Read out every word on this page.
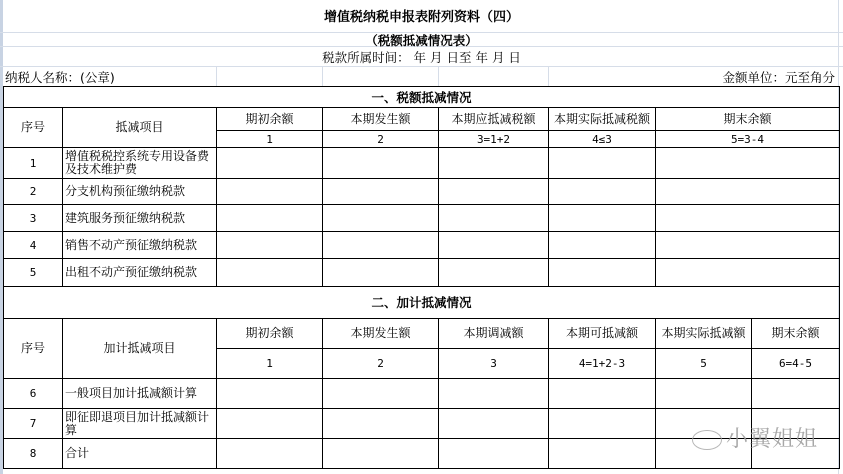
增值税纳税申报表附列资料（四）
（税额抵减情况表）
税款所属时间： 年 月 日至 年 月 日
纳税人名称：(公章)	金额单位：元至角分
一、税额抵减情况						
序号	抵减项目	期初余额	本期发生额	本期应抵减税额	本期实际抵减税额	期末余额
		1	2	3=1+2	4≤3	5=3-4
1	增值税税控系统专用设备费及技术维护费					
2	分支机构预征缴纳税款					
3	建筑服务预征缴纳税款					
4	销售不动产预征缴纳税款					
5	出租不动产预征缴纳税款					
二、加计抵减情况							
序号	加计抵减项目	期初余额	本期发生额	本期调减额	本期可抵减额	本期实际抵减额	期末余额
		1	2	3	4=1+2-3	5	6=4-5
6	一般项目加计抵减额计算						
7	即征即退项目加计抵减额计算						
8	合计						
小翼姐姐
